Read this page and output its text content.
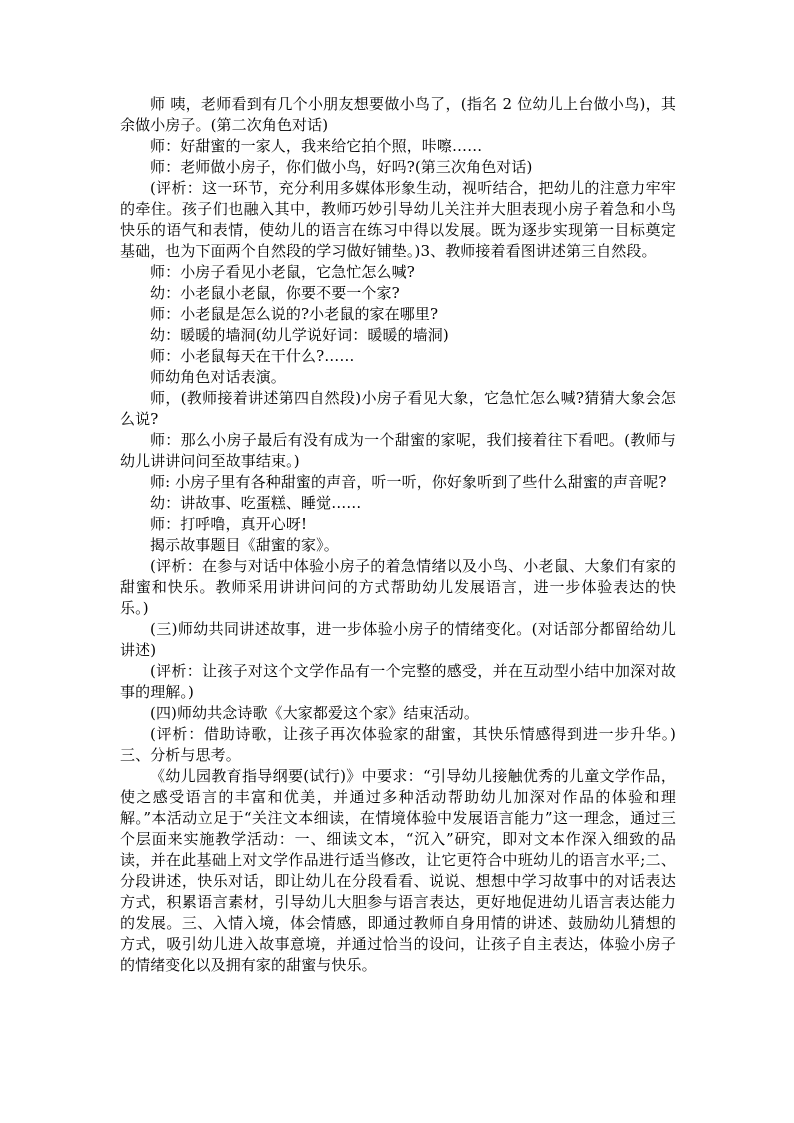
师 咦，老师看到有几个小朋友想要做小鸟了，(指名 2 位幼儿上台做小鸟)，其余做小房子。(第二次角色对话)

师：好甜蜜的一家人，我来给它拍个照，咔嚓……

师：老师做小房子，你们做小鸟，好吗?(第三次角色对话)

(评析：这一环节，充分利用多媒体形象生动，视听结合，把幼儿的注意力牢牢的牵住。孩子们也融入其中，教师巧妙引导幼儿关注并大胆表现小房子着急和小鸟快乐的语气和表情，使幼儿的语言在练习中得以发展。既为逐步实现第一目标奠定基础，也为下面两个自然段的学习做好铺垫。)3、教师接着看图讲述第三自然段。

师：小房子看见小老鼠，它急忙怎么喊?

幼：小老鼠小老鼠，你要不要一个家?

师：小老鼠是怎么说的?小老鼠的家在哪里?

幼：暖暖的墙洞(幼儿学说好词：暖暖的墙洞)

师：小老鼠每天在干什么?……

师幼角色对话表演。

师，(教师接着讲述第四自然段)小房子看见大象，它急忙怎么喊?猜猜大象会怎么说?

师：那么小房子最后有没有成为一个甜蜜的家呢，我们接着往下看吧。(教师与幼儿讲讲问问至故事结束。)

师: 小房子里有各种甜蜜的声音，听一听，你好象听到了些什么甜蜜的声音呢?

幼：讲故事、吃蛋糕、睡觉……

师：打呼噜，真开心呀!

揭示故事题目《甜蜜的家》。

(评析：在参与对话中体验小房子的着急情绪以及小鸟、小老鼠、大象们有家的甜蜜和快乐。教师采用讲讲问问的方式帮助幼儿发展语言，进一步体验表达的快乐。)

(三)师幼共同讲述故事，进一步体验小房子的情绪变化。(对话部分都留给幼儿讲述)

(评析：让孩子对这个文学作品有一个完整的感受，并在互动型小结中加深对故事的理解。)

(四)师幼共念诗歌《大家都爱这个家》结束活动。

(评析：借助诗歌，让孩子再次体验家的甜蜜，其快乐情感得到进一步升华。)三、分析与思考。

《幼儿园教育指导纲要(试行)》中要求：“引导幼儿接触优秀的儿童文学作品，使之感受语言的丰富和优美，并通过多种活动帮助幼儿加深对作品的体验和理解。”本活动立足于“关注文本细读，在情境体验中发展语言能力”这一理念，通过三个层面来实施教学活动：一、细读文本，“沉入”研究，即对文本作深入细致的品读，并在此基础上对文学作品进行适当修改，让它更符合中班幼儿的语言水平;二、分段讲述，快乐对话，即让幼儿在分段看看、说说、想想中学习故事中的对话表达方式，积累语言素材，引导幼儿大胆参与语言表达，更好地促进幼儿语言表达能力的发展。三、入情入境，体会情感，即通过教师自身用情的讲述、鼓励幼儿猜想的方式，吸引幼儿进入故事意境，并通过恰当的设问，让孩子自主表达，体验小房子的情绪变化以及拥有家的甜蜜与快乐。
